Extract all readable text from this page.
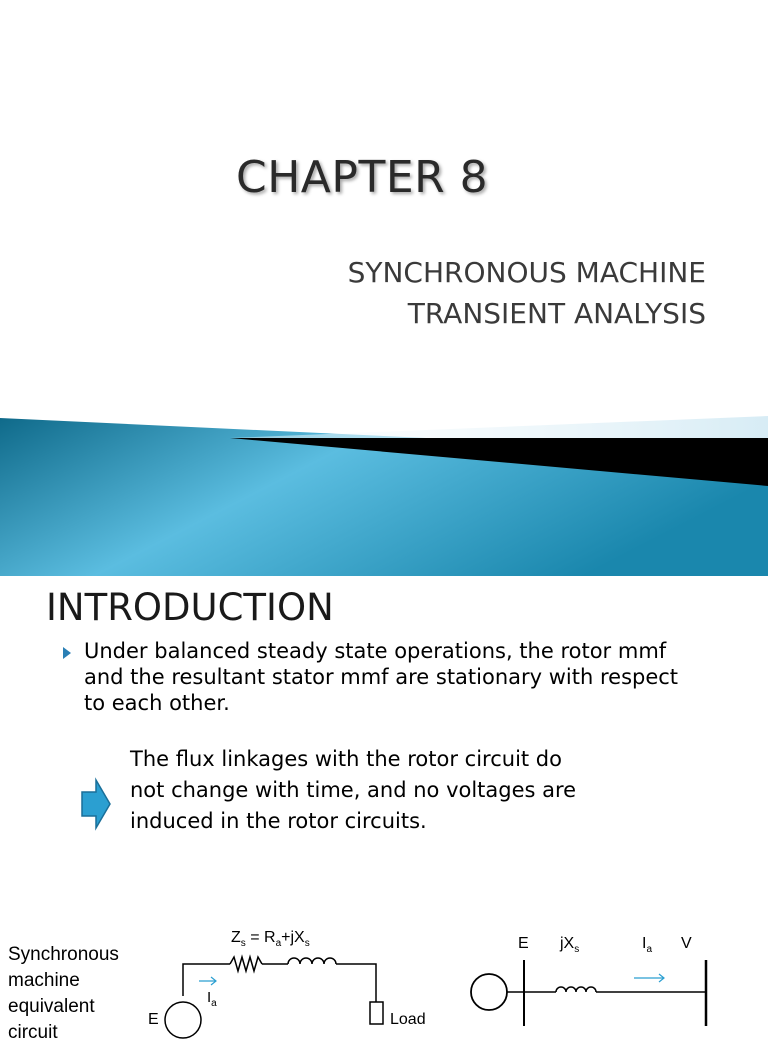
CHAPTER 8
SYNCHRONOUS MACHINE
TRANSIENT ANALYSIS
INTRODUCTION
Under balanced steady state operations, the rotor mmf and the resultant stator mmf are stationary with respect to each other.
The flux linkages with the rotor circuit do not change with time, and no voltages are induced in the rotor circuits.
Synchronous machine equivalent circuit
$Z_s = R_a+jX_s$
Load
$I_a$
E
E $jX_s$	$I_a$ V
